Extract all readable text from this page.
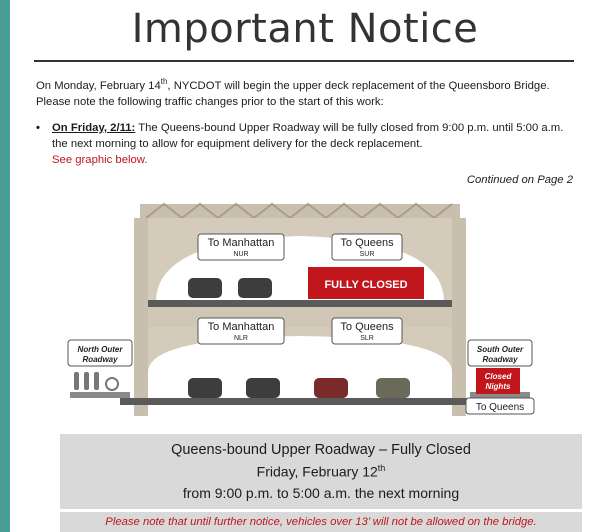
Important Notice
On Monday, February 14th, NYCDOT will begin the upper deck replacement of the Queensboro Bridge. Please note the following traffic changes prior to the start of this work:
• On Friday, 2/11: The Queens-bound Upper Roadway will be fully closed from 9:00 p.m. until 5:00 a.m. the next morning to allow for equipment delivery for the deck replacement.
See graphic below.
Continued on Page 2
FULLY CLOSED
To Manhattan
NUR
To Queens
SUR
To Manhattan
NLR
To Queens
SLR
North Outer
Roadway
South Outer
Roadway
Closed
Nights
To Queens
Queens-bound Upper Roadway – Fully Closed
Friday, February 12th
from 9:00 p.m. to 5:00 a.m. the next morning
Please note that until further notice, vehicles over 13’ will not be allowed on the bridge.
